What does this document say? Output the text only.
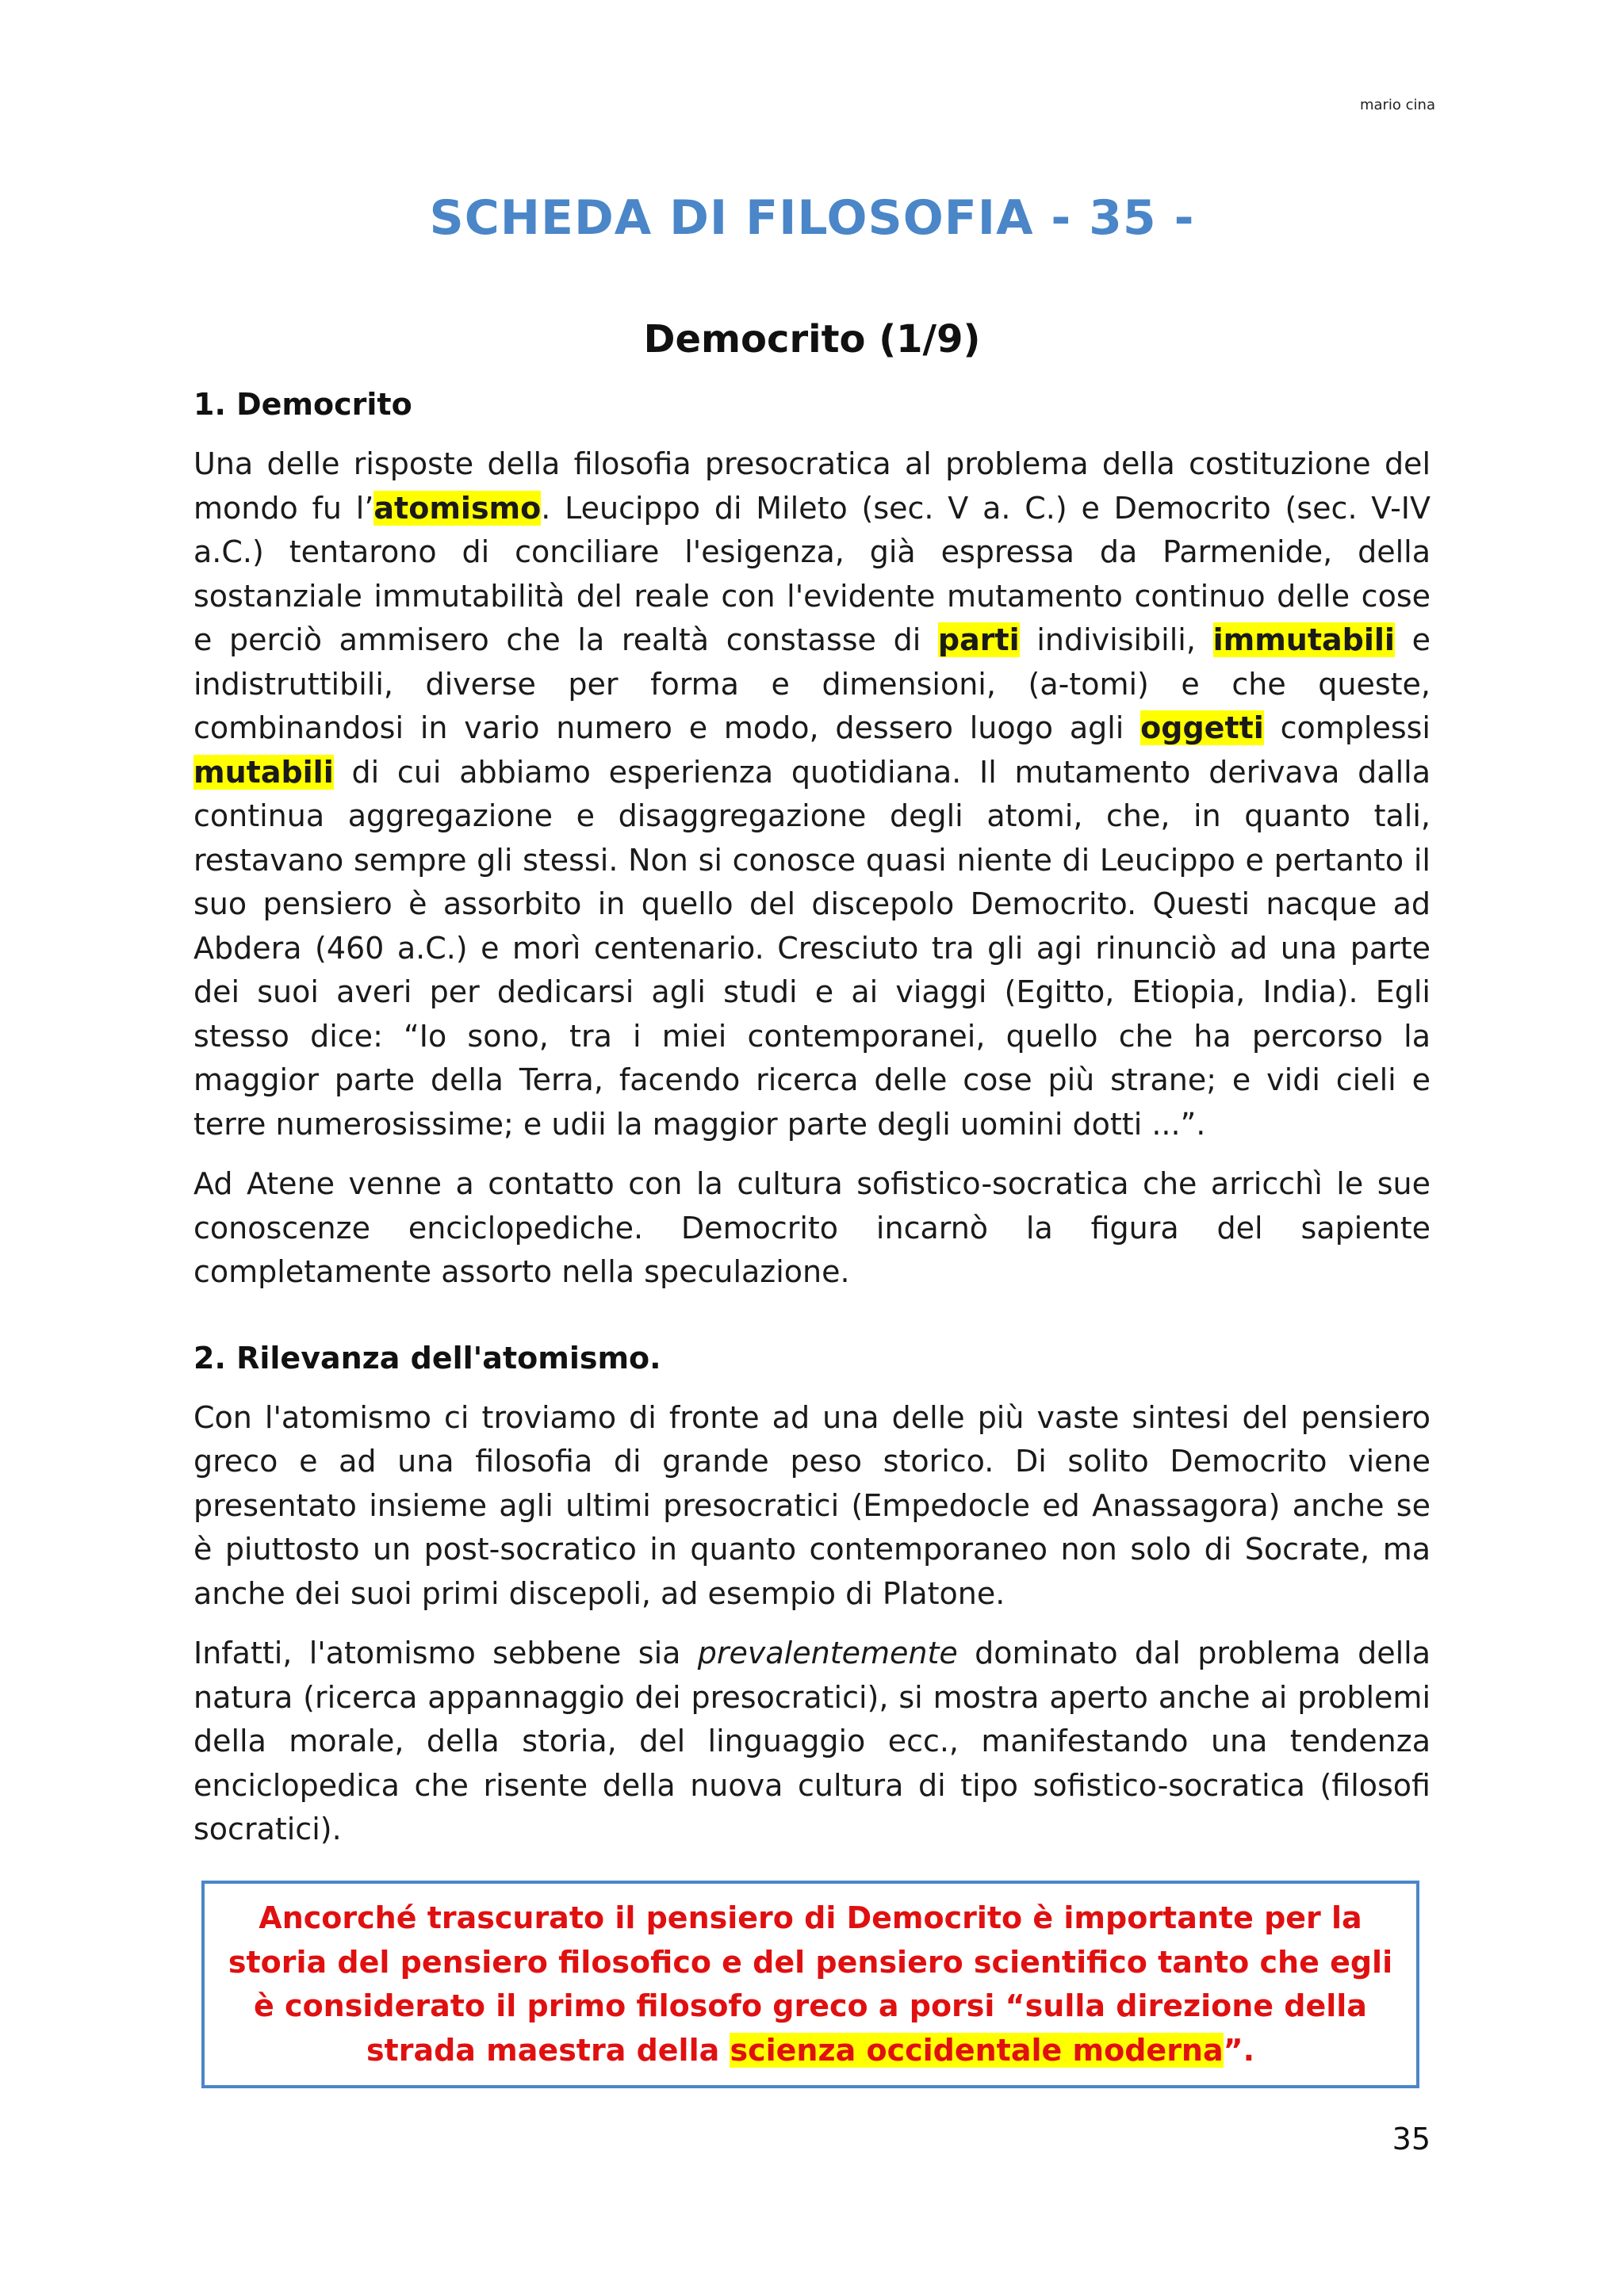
mario cina
SCHEDA DI FILOSOFIA - 35 -
Democrito (1/9)
1. Democrito

Una delle risposte della filosofia presocratica al problema della costituzione del mondo fu l’atomismo. Leucippo di Mileto (sec. V a. C.) e Democrito (sec. V-IV a.C.) tentarono di conciliare l'esigenza, già espressa da Parmenide, della sostanziale immutabilità del reale con l'evidente mutamento continuo delle cose e perciò ammisero che la realtà constasse di parti indivisibili, immutabili e indistruttibili, diverse per forma e dimensioni, (a-tomi) e che queste, combinandosi in vario numero e modo, dessero luogo agli oggetti complessi mutabili di cui abbiamo esperienza quotidiana. Il mutamento derivava dalla continua aggregazione e disaggregazione degli atomi, che, in quanto tali, restavano sempre gli stessi. Non si conosce quasi niente di Leucippo e pertanto il suo pensiero è assorbito in quello del discepolo Democrito. Questi nacque ad Abdera (460 a.C.) e morì centenario. Cresciuto tra gli agi rinunciò ad una parte dei suoi averi per dedicarsi agli studi e ai viaggi (Egitto, Etiopia, India). Egli stesso dice: “Io sono, tra i miei contemporanei, quello che ha percorso la maggior parte della Terra, facendo ricerca delle cose più strane; e vidi cieli e terre numerosissime; e udii la maggior parte degli uomini dotti ...”.

Ad Atene venne a contatto con la cultura sofistico-socratica che arricchì le sue conoscenze enciclopediche. Democrito incarnò la figura del sapiente completamente assorto nella speculazione.

2. Rilevanza dell'atomismo.

Con l'atomismo ci troviamo di fronte ad una delle più vaste sintesi del pensiero greco e ad una filosofia di grande peso storico. Di solito Democrito viene presentato insieme agli ultimi presocratici (Empedocle ed Anassagora) anche se è piuttosto un post-socratico in quanto contemporaneo non solo di Socrate, ma anche dei suoi primi discepoli, ad esempio di Platone.

Infatti, l'atomismo sebbene sia prevalentemente dominato dal problema della natura (ricerca appannaggio dei presocratici), si mostra aperto anche ai problemi della morale, della storia, del linguaggio ecc., manifestando una tendenza enciclopedica che risente della nuova cultura di tipo sofistico-socratica (filosofi socratici).

Ancorché trascurato il pensiero di Democrito è importante per la storia del pensiero filosofico e del pensiero scientifico tanto che egli è considerato il primo filosofo greco a porsi “sulla direzione della strada maestra della scienza occidentale moderna”.
35
